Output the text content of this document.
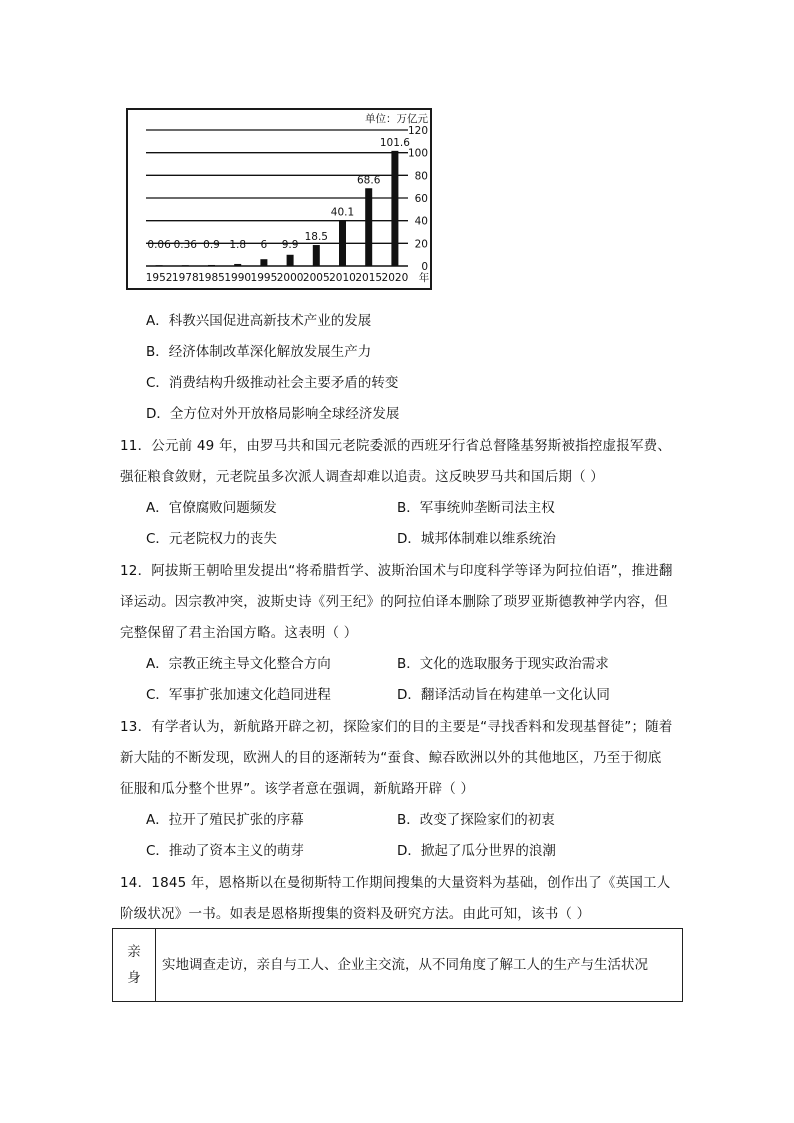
0
20
40
60
80
100
120
单位：万亿元
0.06
1952
0.36
1978
0.9
1985
1.8
1990
6
1995
9.9
2000
18.5
2005
40.1
2010
68.6
2015
101.6
2020 年
A．科教兴国促进高新技术产业的发展
B．经济体制改革深化解放发展生产力
C．消费结构升级推动社会主要矛盾的转变
D．全方位对外开放格局影响全球经济发展
11．公元前 49 年，由罗马共和国元老院委派的西班牙行省总督隆基努斯被指控虚报军费、
强征粮食敛财，元老院虽多次派人调查却难以追责。这反映罗马共和国后期（ ）
A．官僚腐败问题频发	B．军事统帅垄断司法主权
C．元老院权力的丧失	D．城邦体制难以维系统治
12．阿拔斯王朝哈里发提出“将希腊哲学、波斯治国术与印度科学等译为阿拉伯语”，推进翻
译运动。因宗教冲突，波斯史诗《列王纪》的阿拉伯译本删除了琐罗亚斯德教神学内容，但
完整保留了君主治国方略。这表明（ ）
A．宗教正统主导文化整合方向	B．文化的选取服务于现实政治需求
C．军事扩张加速文化趋同进程	D．翻译活动旨在构建单一文化认同
13．有学者认为，新航路开辟之初，探险家们的目的主要是“寻找香料和发现基督徒”；随着
新大陆的不断发现，欧洲人的目的逐渐转为“蚕食、鲸吞欧洲以外的其他地区，乃至于彻底
征服和瓜分整个世界”。该学者意在强调，新航路开辟（ ）
A．拉开了殖民扩张的序幕	B．改变了探险家们的初衷
C．推动了资本主义的萌芽	D．掀起了瓜分世界的浪潮
14．1845 年，恩格斯以在曼彻斯特工作期间搜集的大量资料为基础，创作出了《英国工人
阶级状况》一书。如表是恩格斯搜集的资料及研究方法。由此可知，该书（ ）
亲
身
	实地调查走访，亲自与工人、企业主交流，从不同角度了解工人的生产与生活状况
